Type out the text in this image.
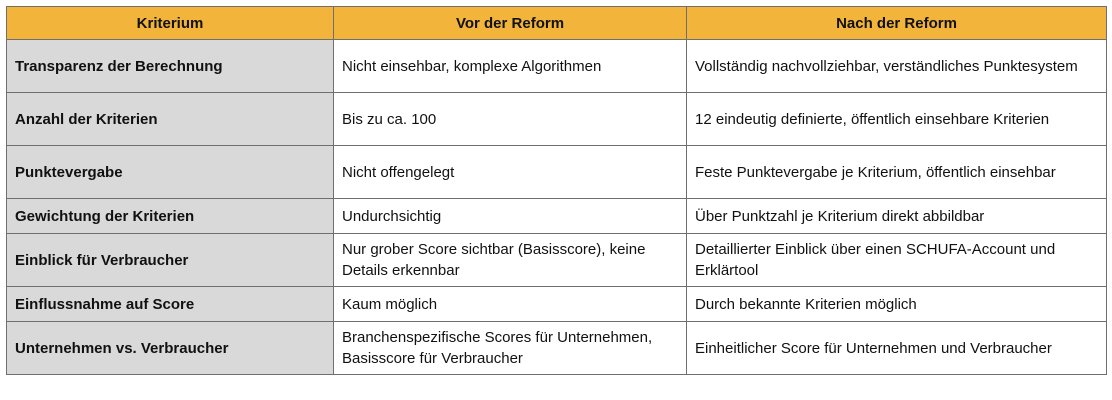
Kriterium	Vor der Reform	Nach der Reform
Transparenz der Berechnung	Nicht einsehbar, komplexe Algorithmen	Vollständig nachvollziehbar, verständliches Punktesystem
Anzahl der Kriterien	Bis zu ca. 100	12 eindeutig definierte, öffentlich einsehbare Kriterien
Punktevergabe	Nicht offengelegt	Feste Punktevergabe je Kriterium, öffentlich einsehbar
Gewichtung der Kriterien	Undurchsichtig	Über Punktzahl je Kriterium direkt abbildbar
Einblick für Verbraucher	Nur grober Score sichtbar (Basisscore), keine Details erkennbar	Detaillierter Einblick über einen SCHUFA-Account und Erklärtool
Einflussnahme auf Score	Kaum möglich	Durch bekannte Kriterien möglich
Unternehmen vs. Verbraucher	Branchenspezifische Scores für Unternehmen, Basisscore für Verbraucher	Einheitlicher Score für Unternehmen und Verbraucher
